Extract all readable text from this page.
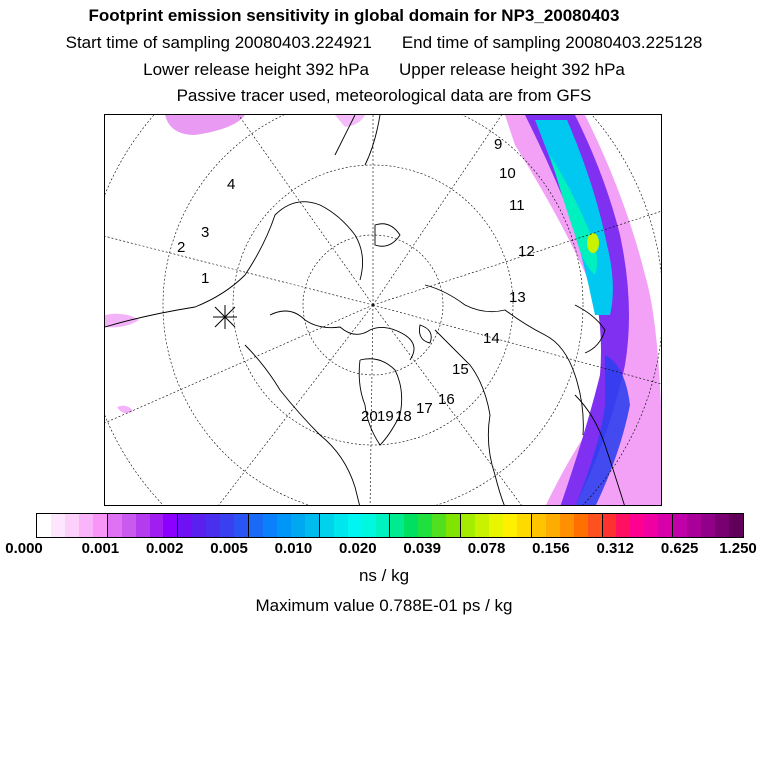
Footprint emission sensitivity in global domain for NP3_20080403
Start time of sampling 20080403.224921 End time of sampling 20080403.225128
Lower release height 392 hPa Upper release height 392 hPa
Passive tracer used, meteorological data are from GFS
1
2
3
4
9
10
11
12
13
14
15
16
17
18
19
20
0.000	0.001 0.002 0.005 0.010 0.020 0.039 0.078 0.156 0.312 0.625 1.250
ns / kg
Maximum value 0.788E-01 ps / kg
